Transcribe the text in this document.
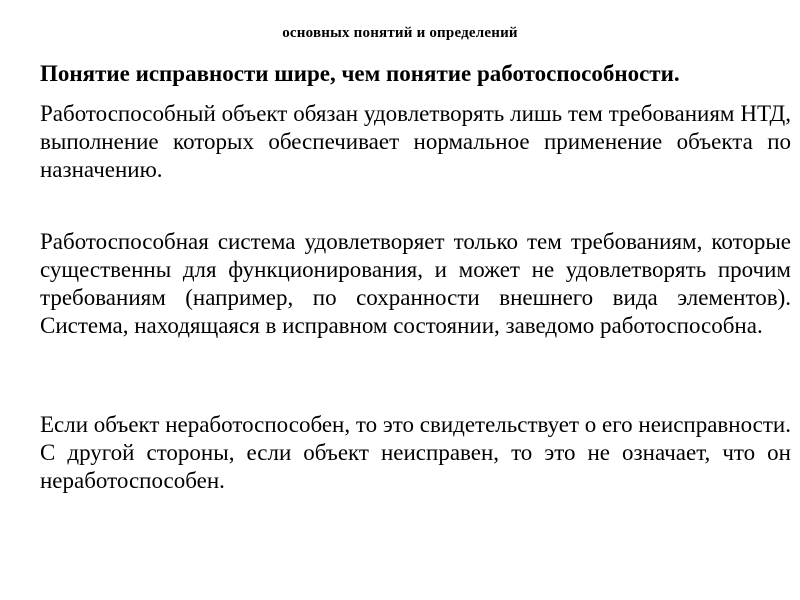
основных понятий и определений
Понятие исправности шире, чем понятие работоспособности.
Работоспособный объект обязан удовлетворять лишь тем требованиям НТД, выполнение которых обеспечивает нормальное применение объекта по назначению.
Работоспособная система удовлетворяет только тем требованиям, которые существенны для функционирования, и может не удовлетворять прочим требованиям (например, по сохранности внешнего вида элементов). Система, находящаяся в исправном состоянии, заведомо работоспособна.
Если объект неработоспособен, то это свидетельствует о его неисправности. С другой стороны, если объект неисправен, то это не означает, что он неработоспособен.
